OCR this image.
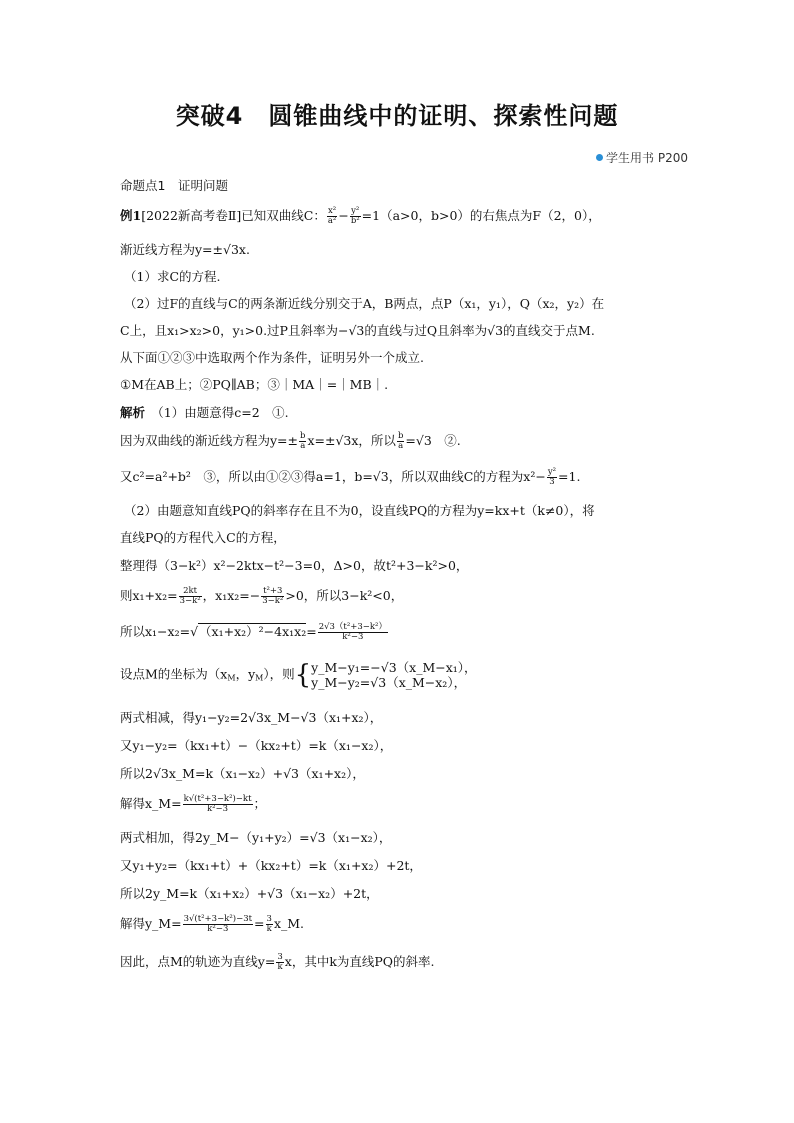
突破4　圆锥曲线中的证明、探索性问题
学生用书 P200
命题点1　证明问题
例1[2022新高考卷Ⅱ]已知双曲线C： $\frac{\text{x²}}{\text{a²}} - \frac{\text{y²}}{\text{b²}} =1(a>0$，b>0）的右焦点为F（2，0），
渐近线方程为y=±√3x.
（1）求C的方程.
（2）过F的直线与C的两条渐近线分别交于A，B两点，点P（x₁，y₁），Q（x₂，y₂）在
C上，且x₁>x₂>0，y₁>0.过P且斜率为−√3的直线与过Q且斜率为√3的直线交于点M.
从下面①②③中选取两个作为条件，证明另外一个成立.
①M在AB上；②PQ∥AB；③｜MA｜=｜MB｜.
解析　 （1）由题意得c=2　①.
因为双曲线的渐近线方程为$y=\pm \frac{b}{a} x=\pm√3x$，所以 $\frac{b}{a} =√3$　②.
又c²=a²+b²　③，所以由①②③得a=1，b=√3，所以双曲线C的方程为$x^2- \frac{\text{y²}}{3} =1$.
（2）由题意知直线PQ的斜率存在且不为0，设直线PQ的方程为y=kx+t（k≠0），将
直线PQ的方程代入C的方程，
整理得（3−k²）x²−2ktx−t²−3=0，Δ>0，故t²+3−k²>0，
则$x_1+x_2= \frac{2kt}{\text{3−k²}}$ ，$x_1x_2=- \frac{\text{t²+3}}{\text{3−k²}} >0$，所以3−k²<0，
所以$x_1-x_2=√(x_1+x_2)^2-4x_1x_2= \frac{\text{2√3（t²+3−k²）}}{\text{k²−3}}$
设点M的坐标为（$x_M$，$y_M$），则{y_M−y₁=−√3（x_M−x₁），
y_M−y₂=√3（x_M−x₂），
两式相减，得y₁−y₂=2√3x_M−√3（x₁+x₂），
又y₁−y₂=（kx₁+t）−（kx₂+t）=k（x₁−x₂），
所以2√3x_M=k（x₁−x₂）+√3（x₁+x₂），
解得x_M= $\frac{\text{k√(t²+3−k²)−kt}}{\text{k²−3}}$ ；
两式相加，得2y_M−（y₁+y₂）=√3（x₁−x₂），
又y₁+y₂=（kx₁+t）+（kx₂+t）=k（x₁+x₂）+2t，
所以2y_M=k（x₁+x₂）+√3（x₁−x₂）+2t，
解得y_M= $\frac{\text{3√(t²+3−k²)−3t}}{\text{k²−3}} = \frac{3}{k}$ x_M.
因此，点M的轨迹为直线$y= \frac{3}{k}$ x，其中k为直线PQ的斜率.
